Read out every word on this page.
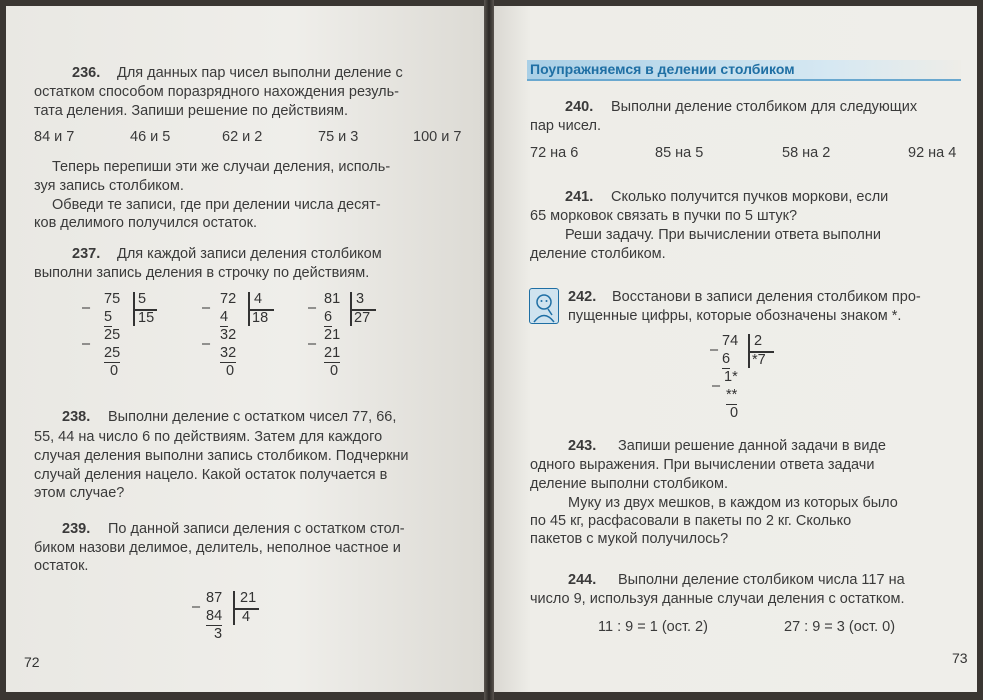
236. Для данных пар чисел выполни деление с
остатком способом поразрядного нахождения резуль-
тата деления. Запиши решение по действиям.
84 и 7	46 и 5	62 и 2	75 и 3	100 и 7
Теперь перепиши эти же случаи деления, исполь-
зуя запись столбиком.
Обведи те записи, где при делении числа десят-
ков делимого получился остаток.
237. Для каждой записи деления столбиком
выполни запись деления в строчку по действиям.
–
75 5
15
5
–
25
25
0
–
72 4
18
4
–
32
32
0
–
81 3
27
6
–
21
21
0
238. Выполни деление с остатком чисел 77, 66,
55, 44 на число 6 по действиям. Затем для каждого
случая деления выполни запись столбиком. Подчеркни
случай деления нацело. Какой остаток получается в
этом случае?
239. По данной записи деления с остатком стол-
биком назови делимое, делитель, неполное частное и
остаток.
–
87 21
4
84
3
72
Поупражняемся в делении столбиком
240. Выполни деление столбиком для следующих
пар чисел.
72 на 6	85 на 5	58 на 2	92 на 4
241. Сколько получится пучков моркови, если
65 морковок связать в пучки по 5 штук?
Реши задачу. При вычислении ответа выполни
деление столбиком.
242. Восстанови в записи деления столбиком про-
пущенные цифры, которые обозначены знаком *.
–
74 2
*7
6
–
1*
**
0
243. Запиши решение данной задачи в виде
одного выражения. При вычислении ответа задачи
деление выполни столбиком.
Муку из двух мешков, в каждом из которых было
по 45 кг, расфасовали в пакеты по 2 кг. Сколько
пакетов с мукой получилось?
244. Выполни деление столбиком числа 117 на
число 9, используя данные случаи деления с остатком.
11 : 9 = 1 (ост. 2)	27 : 9 = 3 (ост. 0)
73
